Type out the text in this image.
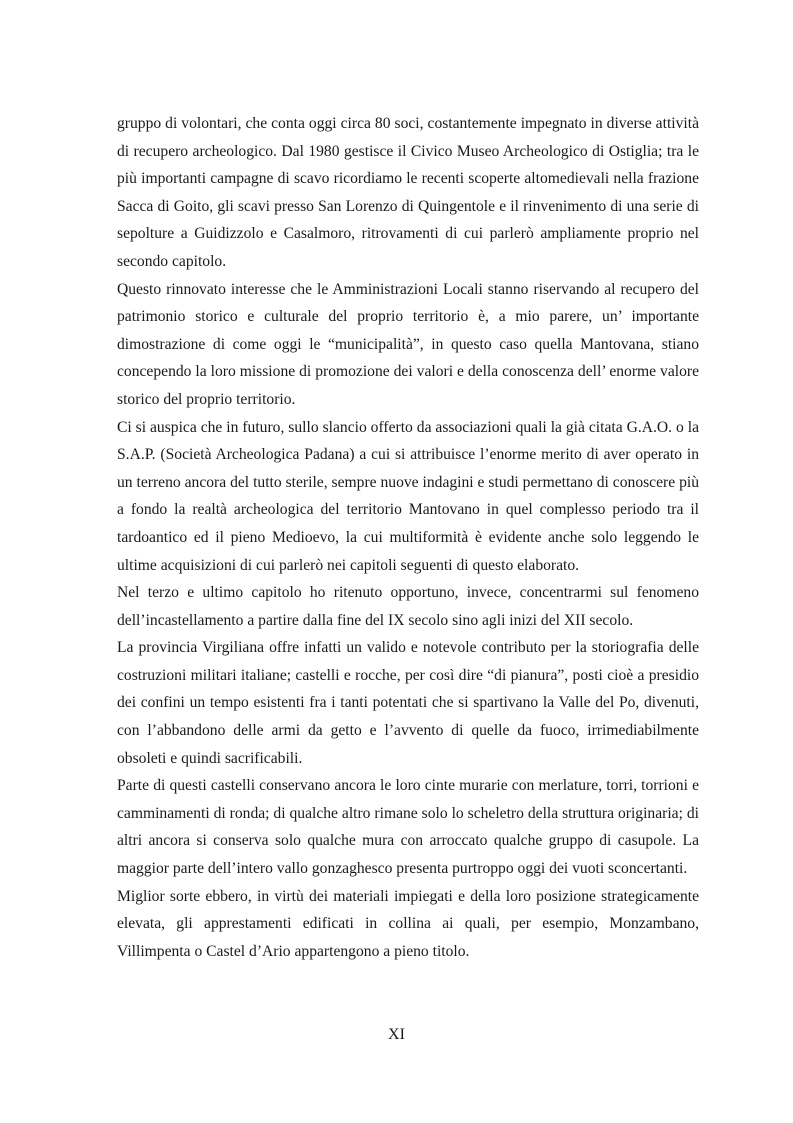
gruppo di volontari, che conta oggi circa 80 soci, costantemente impegnato in diverse attività di recupero archeologico. Dal 1980 gestisce il Civico Museo Archeologico di Ostiglia; tra le più importanti campagne di scavo ricordiamo le recenti scoperte altomedievali nella frazione Sacca di Goito, gli scavi presso San Lorenzo di Quingentole e il rinvenimento di una serie di sepolture a Guidizzolo e Casalmoro, ritrovamenti di cui parlerò ampliamente proprio nel secondo capitolo.

Questo rinnovato interesse che le Amministrazioni Locali stanno riservando al recupero del patrimonio storico e culturale del proprio territorio è, a mio parere, un’ importante dimostrazione di come oggi le “municipalità”, in questo caso quella Mantovana, stiano concependo la loro missione di promozione dei valori e della conoscenza dell’ enorme valore storico del proprio territorio.

Ci si auspica che in futuro, sullo slancio offerto da associazioni quali la già citata G.A.O. o la S.A.P. (Società Archeologica Padana) a cui si attribuisce l’enorme merito di aver operato in un terreno ancora del tutto sterile, sempre nuove indagini e studi permettano di conoscere più a fondo la realtà archeologica del territorio Mantovano in quel complesso periodo tra il tardoantico ed il pieno Medioevo, la cui multiformità è evidente anche solo leggendo le ultime acquisizioni di cui parlerò nei capitoli seguenti di questo elaborato.

Nel terzo e ultimo capitolo ho ritenuto opportuno, invece, concentrarmi sul fenomeno dell’incastellamento a partire dalla fine del IX secolo sino agli inizi del XII secolo.

La provincia Virgiliana offre infatti un valido e notevole contributo per la storiografia delle costruzioni militari italiane; castelli e rocche, per così dire “di pianura”, posti cioè a presidio dei confini un tempo esistenti fra i tanti potentati che si spartivano la Valle del Po, divenuti, con l’abbandono delle armi da getto e l’avvento di quelle da fuoco, irrimediabilmente obsoleti e quindi sacrificabili.

Parte di questi castelli conservano ancora le loro cinte murarie con merlature, torri, torrioni e camminamenti di ronda; di qualche altro rimane solo lo scheletro della struttura originaria; di altri ancora si conserva solo qualche mura con arroccato qualche gruppo di casupole. La maggior parte dell’intero vallo gonzaghesco presenta purtroppo oggi dei vuoti sconcertanti.

Miglior sorte ebbero, in virtù dei materiali impiegati e della loro posizione strategicamente elevata, gli apprestamenti edificati in collina ai quali, per esempio, Monzambano, Villimpenta o Castel d’Ario appartengono a pieno titolo.

XI
